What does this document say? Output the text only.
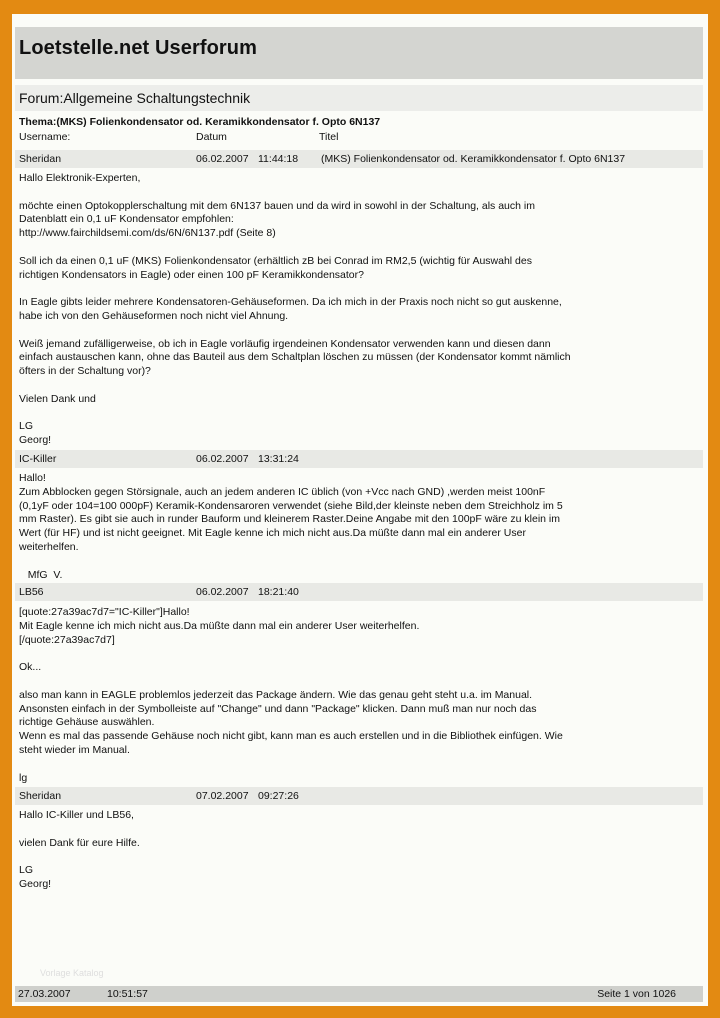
Loetstelle.net Userforum
Forum:Allgemeine Schaltungstechnik
Thema:(MKS) Folienkondensator od. Keramikkondensator f. Opto 6N137
Username:	Datum	Titel
Sheridan	06.02.2007 11:44:18 (MKS) Folienkondensator od. Keramikkondensator f. Opto 6N137
Hallo Elektronik-Experten,

möchte einen Optokopplerschaltung mit dem 6N137 bauen und da wird in sowohl in der Schaltung, als auch im
Datenblatt ein 0,1 uF Kondensator empfohlen:
http://www.fairchildsemi.com/ds/6N/6N137.pdf (Seite 8)

Soll ich da einen 0,1 uF (MKS) Folienkondensator (erhältlich zB bei Conrad im RM2,5 (wichtig für Auswahl des
richtigen Kondensators in Eagle) oder einen 100 pF Keramikkondensator?

In Eagle gibts leider mehrere Kondensatoren-Gehäuseformen. Da ich mich in der Praxis noch nicht so gut auskenne,
habe ich von den Gehäuseformen noch nicht viel Ahnung.

Weiß jemand zufälligerweise, ob ich in Eagle vorläufig irgendeinen Kondensator verwenden kann und diesen dann
einfach austauschen kann, ohne das Bauteil aus dem Schaltplan löschen zu müssen (der Kondensator kommt nämlich
öfters in der Schaltung vor)?

Vielen Dank und

LG
Georg!
IC-Killer	06.02.2007 13:31:24
Hallo!
Zum Abblocken gegen Störsignale, auch an jedem anderen IC üblich (von +Vcc nach GND) ,werden meist 100nF
(0,1yF oder 104=100 000pF) Keramik-Kondensaroren verwendet (siehe Bild,der kleinste neben dem Streichholz im 5
mm Raster). Es gibt sie auch in runder Bauform und kleinerem Raster.Deine Angabe mit den 100pF wäre zu klein im
Wert (für HF) und ist nicht geeignet. Mit Eagle kenne ich mich nicht aus.Da müßte dann mal ein anderer User
weiterhelfen.

MfG  V.
LB56	06.02.2007 18:21:40
[quote:27a39ac7d7="IC-Killer"]Hallo!
Mit Eagle kenne ich mich nicht aus.Da müßte dann mal ein anderer User weiterhelfen.
[/quote:27a39ac7d7]

Ok...

also man kann in EAGLE problemlos jederzeit das Package ändern. Wie das genau geht steht u.a. im Manual.
Ansonsten einfach in der Symbolleiste auf "Change" und dann "Package" klicken. Dann muß man nur noch das
richtige Gehäuse auswählen.
Wenn es mal das passende Gehäuse noch nicht gibt, kann man es auch erstellen und in die Bibliothek einfügen. Wie
steht wieder im Manual.

lg
Sheridan	07.02.2007 09:27:26
Hallo IC-Killer und LB56,

vielen Dank für eure Hilfe.

LG
Georg!
Vorlage Katalog
27.03.2007	10:51:57	Seite 1 von 1026
